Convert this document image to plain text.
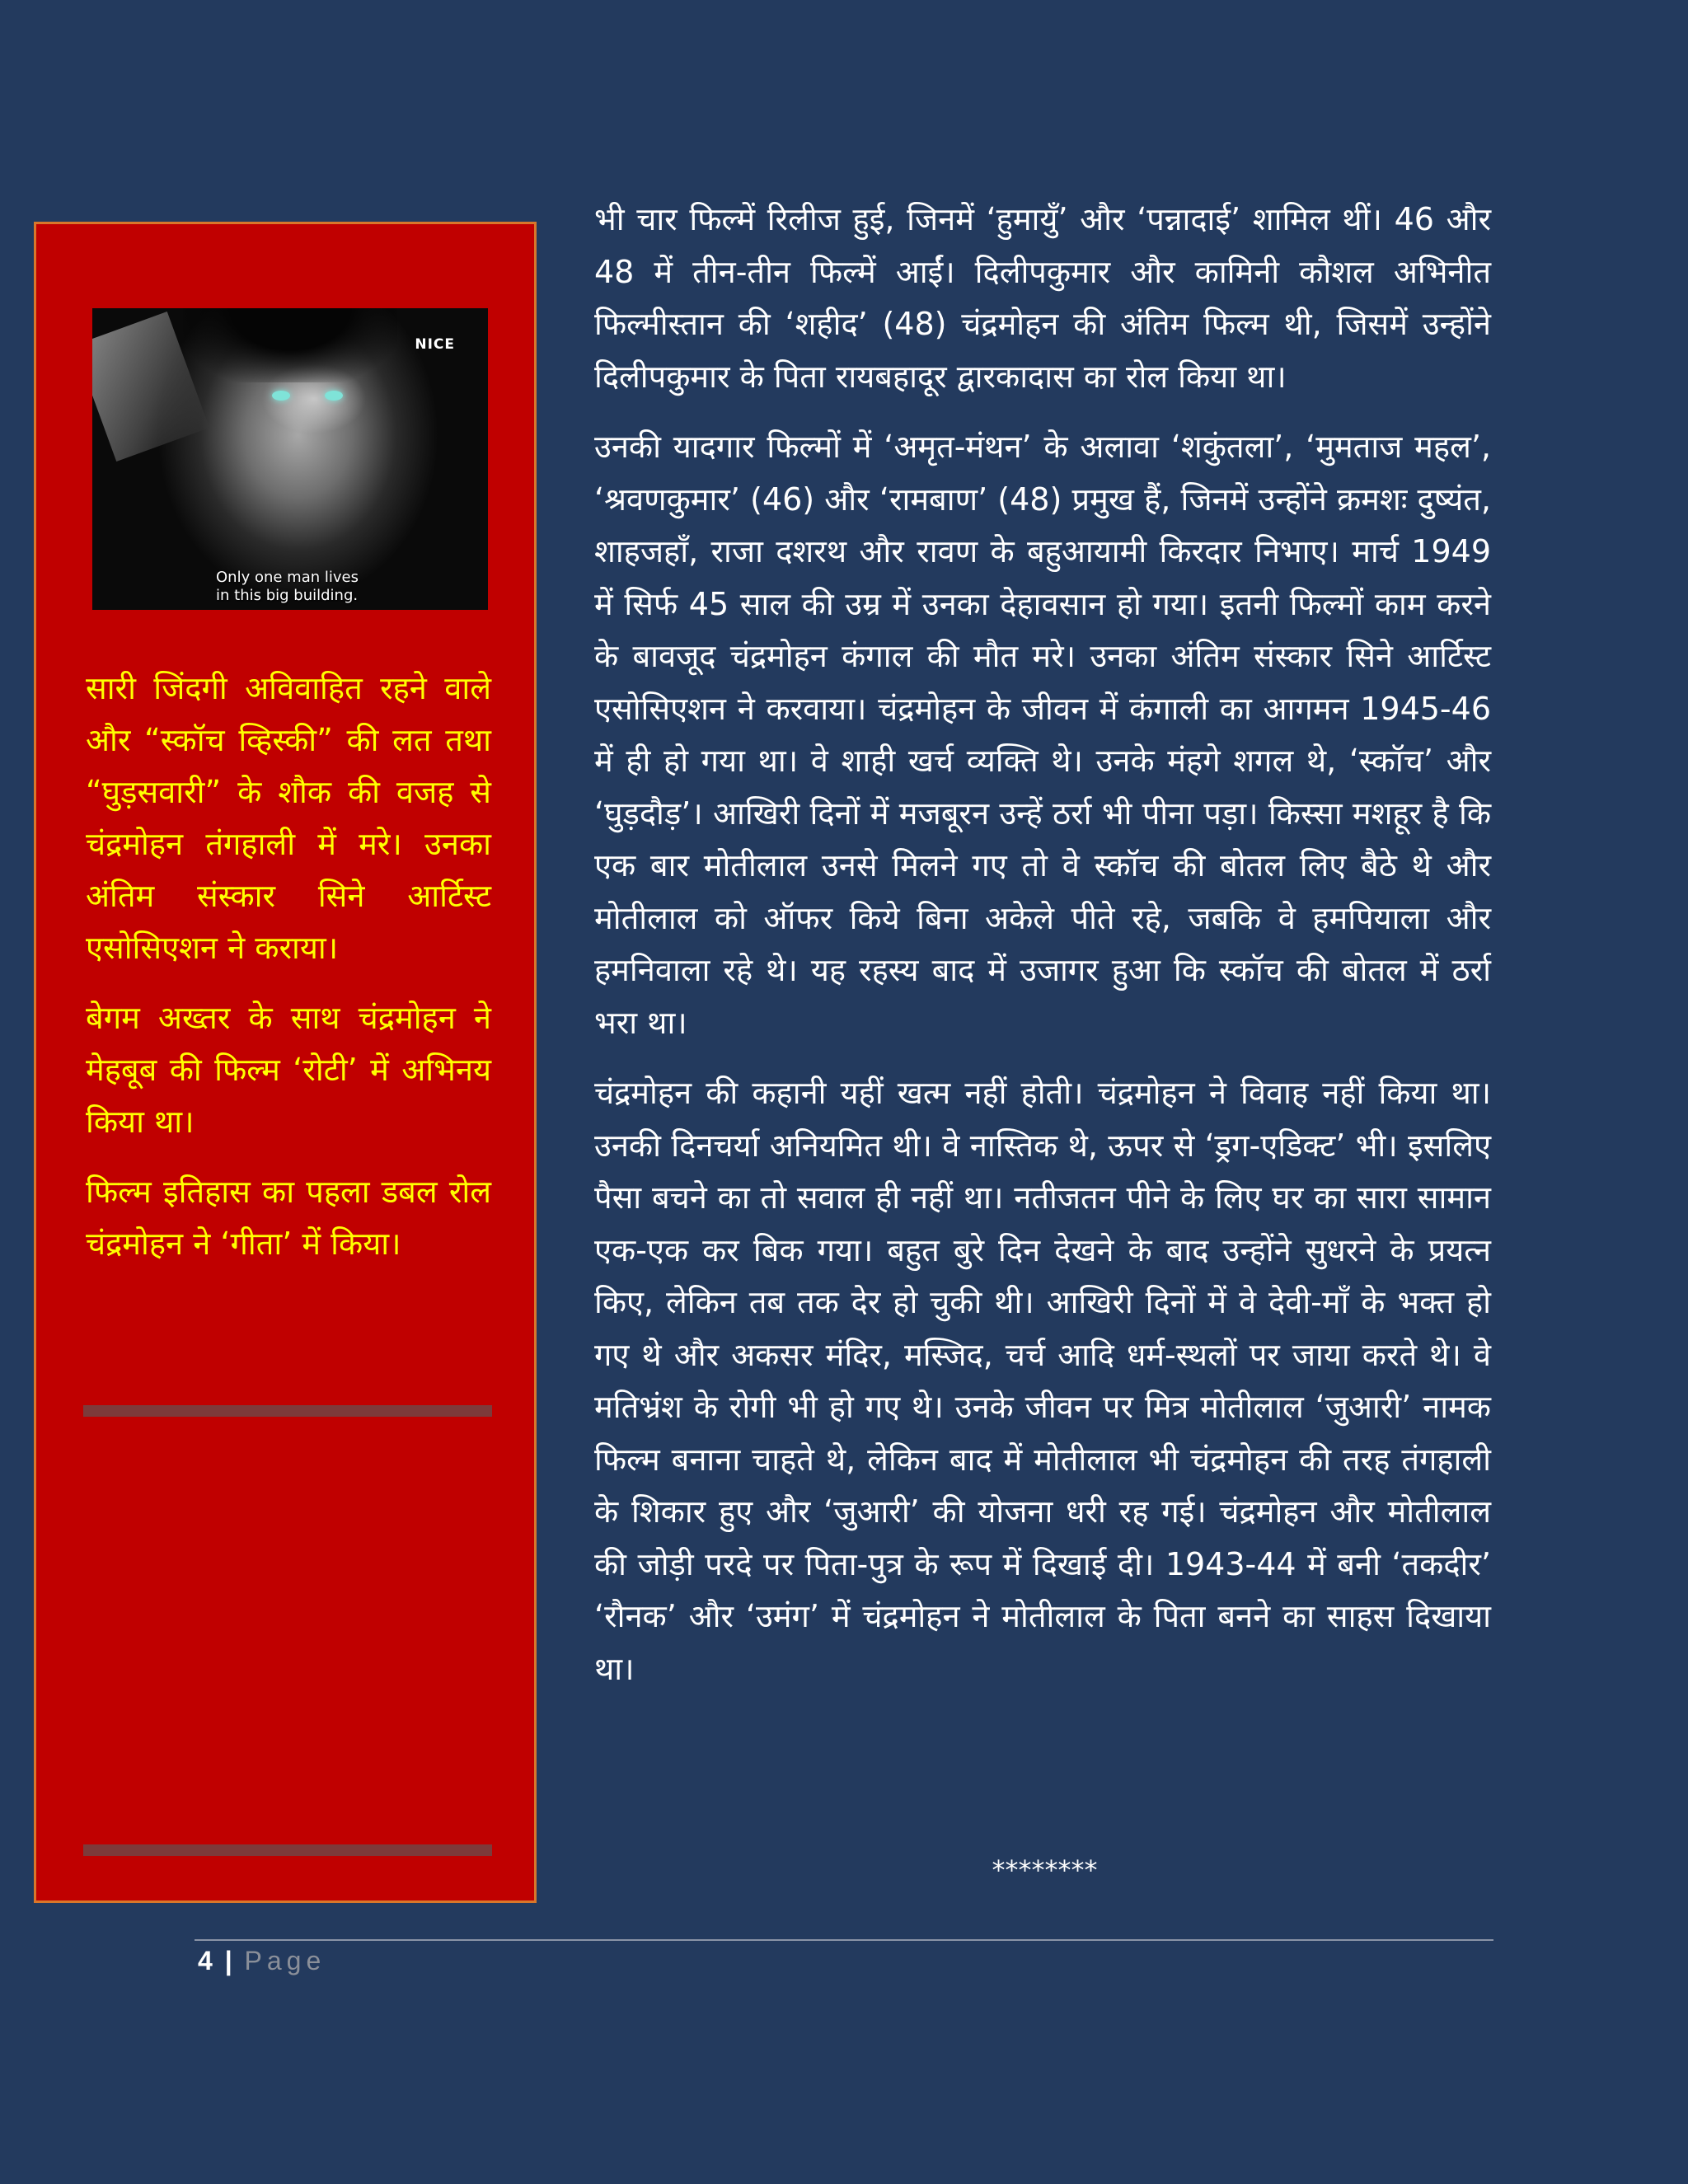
NICE
Only one man lives
in this big building.

सारी जिंदगी अविवाहित रहने वाले और “स्कॉच व्हिस्की” की लत तथा “घुड़सवारी” के शौक की वजह से चंद्रमोहन तंगहाली में मरे। उनका अंतिम संस्कार सिने आर्टिस्ट एसोसिएशन ने कराया।

बेगम अख्तर के साथ चंद्रमोहन ने मेहबूब की फिल्म ‘रोटी’ में अभिनय किया था।

फिल्म इतिहास का पहला डबल रोल चंद्रमोहन ने ‘गीता’ में किया।

भी चार फिल्में रिलीज हुई, जिनमें ‘हुमायुँ’ और ‘पन्नादाई’ शामिल थीं। 46 और 48 में तीन-तीन फिल्में आईं। दिलीपकुमार और कामिनी कौशल अभिनीत फिल्मीस्तान की ‘शहीद’ (48) चंद्रमोहन की अंतिम फिल्म थी, जिसमें उन्होंने दिलीपकुमार के पिता रायबहादूर द्वारकादास का रोल किया था।

उनकी यादगार फिल्मों में ‘अमृत-मंथन’ के अलावा ‘शकुंतला’, ‘मुमताज महल’, ‘श्रवणकुमार’ (46) और ‘रामबाण’ (48) प्रमुख हैं, जिनमें उन्होंने क्रमशः दुष्यंत, शाहजहाँ, राजा दशरथ और रावण के बहुआयामी किरदार निभाए। मार्च 1949 में सिर्फ 45 साल की उम्र में उनका देहावसान हो गया। इतनी फिल्मों काम करने के बावजूद चंद्रमोहन कंगाल की मौत मरे। उनका अंतिम संस्कार सिने आर्टिस्ट एसोसिएशन ने करवाया। चंद्रमोहन के जीवन में कंगाली का आगमन 1945-46 में ही हो गया था। वे शाही खर्च व्यक्ति थे। उनके मंहगे शगल थे, ‘स्कॉच’ और ‘घुड़दौड़’। आखिरी दिनों में मजबूरन उन्हें ठर्रा भी पीना पड़ा। किस्सा मशहूर है कि एक बार मोतीलाल उनसे मिलने गए तो वे स्कॉच की बोतल लिए बैठे थे और मोतीलाल को ऑफर किये बिना अकेले पीते रहे, जबकि वे हमपियाला और हमनिवाला रहे थे। यह रहस्य बाद में उजागर हुआ कि स्कॉच की बोतल में ठर्रा भरा था।

चंद्रमोहन की कहानी यहीं खत्म नहीं होती। चंद्रमोहन ने विवाह नहीं किया था। उनकी दिनचर्या अनियमित थी। वे नास्तिक थे, ऊपर से ‘ड्रग-एडिक्ट’ भी। इसलिए पैसा बचने का तो सवाल ही नहीं था। नतीजतन पीने के लिए घर का सारा सामान एक-एक कर बिक गया। बहुत बुरे दिन देखने के बाद उन्होंने सुधरने के प्रयत्न किए, लेकिन तब तक देर हो चुकी थी। आखिरी दिनों में वे देवी-माँ के भक्त हो गए थे और अकसर मंदिर, मस्जिद, चर्च आदि धर्म-स्थलों पर जाया करते थे। वे मतिभ्रंश के रोगी भी हो गए थे। उनके जीवन पर मित्र मोतीलाल ‘जुआरी’ नामक फिल्म बनाना चाहते थे, लेकिन बाद में मोतीलाल भी चंद्रमोहन की तरह तंगहाली के शिकार हुए और ‘जुआरी’ की योजना धरी रह गई। चंद्रमोहन और मोतीलाल की जोड़ी परदे पर पिता-पुत्र के रूप में दिखाई दी। 1943-44 में बनी ‘तकदीर’ ‘रौनक’ और ‘उमंग’ में चंद्रमोहन ने मोतीलाल के पिता बनने का साहस दिखाया था।

********
4 | Page
